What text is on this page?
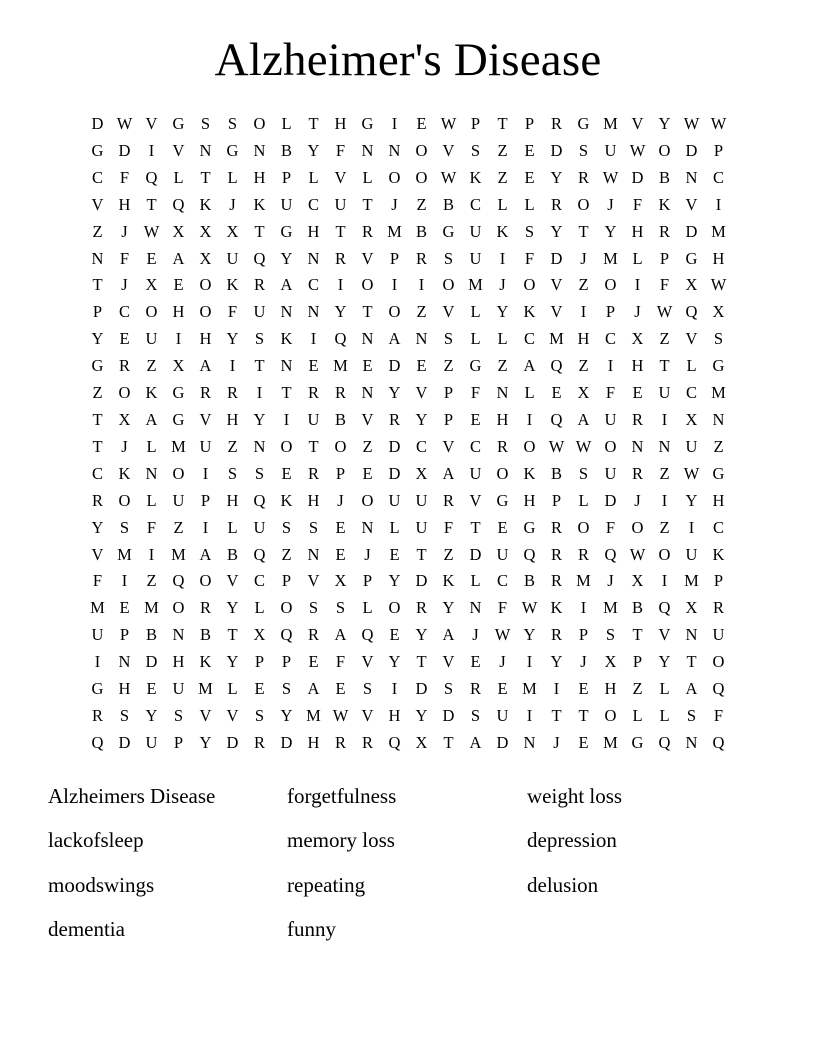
Alzheimer's Disease
D	W	V	G	S	S	O	L	T	H	G	I	E	W	P	T	P	R	G	M	V	Y	W	W
G	D	I	V	N	G	N	B	Y	F	N	N	O	V	S	Z	E	D	S	U	W	O	D	P
C	F	Q	L	T	L	H	P	L	V	L	O	O	W	K	Z	E	Y	R	W	D	B	N	C
V	H	T	Q	K	J	K	U	C	U	T	J	Z	B	C	L	L	R	O	J	F	K	V	I
Z	J	W	X	X	X	T	G	H	T	R	M	B	G	U	K	S	Y	T	Y	H	R	D	M
N	F	E	A	X	U	Q	Y	N	R	V	P	R	S	U	I	F	D	J	M	L	P	G	H
T	J	X	E	O	K	R	A	C	I	O	I	I	O	M	J	O	V	Z	O	I	F	X	W
P	C	O	H	O	F	U	N	N	Y	T	O	Z	V	L	Y	K	V	I	P	J	W	Q	X
Y	E	U	I	H	Y	S	K	I	Q	N	A	N	S	L	L	C	M	H	C	X	Z	V	S
G	R	Z	X	A	I	T	N	E	M	E	D	E	Z	G	Z	A	Q	Z	I	H	T	L	G
Z	O	K	G	R	R	I	T	R	R	N	Y	V	P	F	N	L	E	X	F	E	U	C	M
T	X	A	G	V	H	Y	I	U	B	V	R	Y	P	E	H	I	Q	A	U	R	I	X	N
T	J	L	M	U	Z	N	O	T	O	Z	D	C	V	C	R	O	W	W	O	N	N	U	Z
C	K	N	O	I	S	S	E	R	P	E	D	X	A	U	O	K	B	S	U	R	Z	W	G
R	O	L	U	P	H	Q	K	H	J	O	U	U	R	V	G	H	P	L	D	J	I	Y	H
Y	S	F	Z	I	L	U	S	S	E	N	L	U	F	T	E	G	R	O	F	O	Z	I	C
V	M	I	M	A	B	Q	Z	N	E	J	E	T	Z	D	U	Q	R	R	Q	W	O	U	K
F	I	Z	Q	O	V	C	P	V	X	P	Y	D	K	L	C	B	R	M	J	X	I	M	P
M	E	M	O	R	Y	L	O	S	S	L	O	R	Y	N	F	W	K	I	M	B	Q	X	R
U	P	B	N	B	T	X	Q	R	A	Q	E	Y	A	J	W	Y	R	P	S	T	V	N	U
I	N	D	H	K	Y	P	P	E	F	V	Y	T	V	E	J	I	Y	J	X	P	Y	T	O
G	H	E	U	M	L	E	S	A	E	S	I	D	S	R	E	M	I	E	H	Z	L	A	Q
R	S	Y	S	V	V	S	Y	M	W	V	H	Y	D	S	U	I	T	T	O	L	L	S	F
Q	D	U	P	Y	D	R	D	H	R	R	Q	X	T	A	D	N	J	E	M	G	Q	N	Q
Alzheimers Disease	forgetfulness	weight loss
lackofsleep	memory loss	depression
moodswings	repeating	delusion
dementia	funny
